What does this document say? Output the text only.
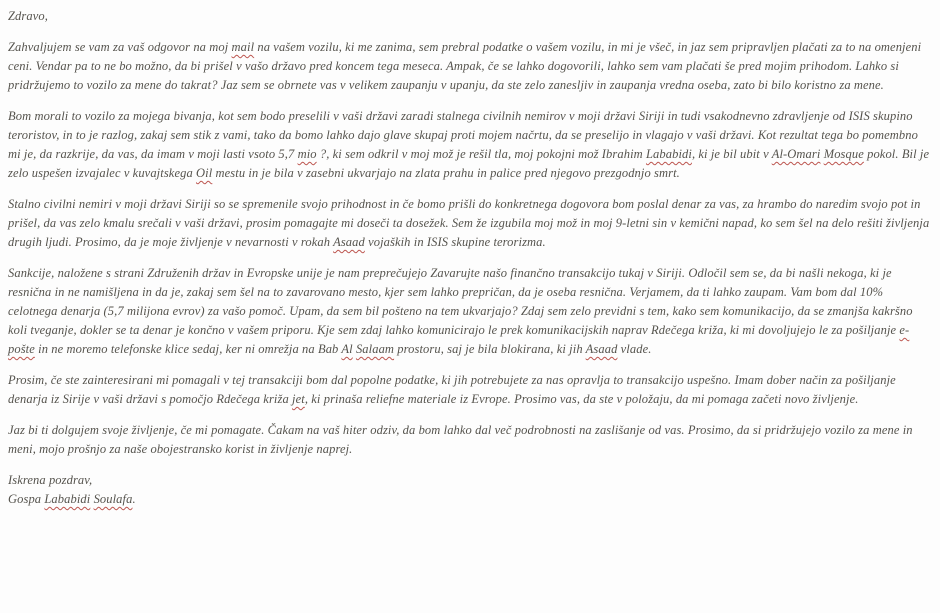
Zdravo,

Zahvaljujem se vam za vaš odgovor na moj mail na vašem vozilu, ki me zanima, sem prebral podatke o vašem vozilu, in mi je všeč, in jaz sem pripravljen plačati za to na omenjeni ceni. Vendar pa to ne bo možno, da bi prišel v vašo državo pred koncem tega meseca. Ampak, če se lahko dogovorili, lahko sem vam plačati še pred mojim prihodom. Lahko si pridržujemo to vozilo za mene do takrat? Jaz sem se obrnete vas v velikem zaupanju v upanju, da ste zelo zanesljiv in zaupanja vredna oseba, zato bi bilo koristno za mene.

Bom morali to vozilo za mojega bivanja, kot sem bodo preselili v vaši državi zaradi stalnega civilnih nemirov v moji državi Siriji in tudi vsakodnevno zdravljenje od ISIS skupino teroristov, in to je razlog, zakaj sem stik z vami, tako da bomo lahko dajo glave skupaj proti mojem načrtu, da se preselijo in vlagajo v vaši državi. Kot rezultat tega bo pomembno mi je, da razkrije, da vas, da imam v moji lasti vsoto 5,7 mio ?, ki sem odkril v moj mož je rešil tla, moj pokojni mož Ibrahim Lababidi, ki je bil ubit v Al-Omari Mosque pokol. Bil je zelo uspešen izvajalec v kuvajtskega Oil mestu in je bila v zasebni ukvarjajo na zlata prahu in palice pred njegovo prezgodnjo smrt.

Stalno civilni nemiri v moji državi Siriji so se spremenile svojo prihodnost in če bomo prišli do konkretnega dogovora bom poslal denar za vas, za hrambo do naredim svojo pot in prišel, da vas zelo kmalu srečali v vaši državi, prosim pomagajte mi doseči ta dosežek. Sem že izgubila moj mož in moj 9-letni sin v kemični napad, ko sem šel na delo rešiti življenja drugih ljudi. Prosimo, da je moje življenje v nevarnosti v rokah Asaad vojaških in ISIS skupine terorizma.

Sankcije, naložene s strani Združenih držav in Evropske unije je nam preprečujejo Zavarujte našo finančno transakcijo tukaj v Siriji. Odločil sem se, da bi našli nekoga, ki je resnična in ne namišljena in da je, zakaj sem šel na to zavarovano mesto, kjer sem lahko prepričan, da je oseba resnična. Verjamem, da ti lahko zaupam. Vam bom dal 10% celotnega denarja (5,7 milijona evrov) za vašo pomoč. Upam, da sem bil pošteno na tem ukvarjajo? Zdaj sem zelo previdni s tem, kako sem komunikacijo, da se zmanjša kakršno koli tveganje, dokler se ta denar je končno v vašem priporu. Kje sem zdaj lahko komunicirajo le prek komunikacijskih naprav Rdečega križa, ki mi dovoljujejo le za pošiljanje e-pošte in ne moremo telefonske klice sedaj, ker ni omrežja na Bab Al Salaam prostoru, saj je bila blokirana, ki jih Asaad vlade.

Prosim, če ste zainteresirani mi pomagali v tej transakciji bom dal popolne podatke, ki jih potrebujete za nas opravlja to transakcijo uspešno. Imam dober način za pošiljanje denarja iz Sirije v vaši državi s pomočjo Rdečega križa jet, ki prinaša reliefne materiale iz Evrope. Prosimo vas, da ste v položaju, da mi pomaga začeti novo življenje.

Jaz bi ti dolgujem svoje življenje, če mi pomagate. Čakam na vaš hiter odziv, da bom lahko dal več podrobnosti na zaslišanje od vas. Prosimo, da si pridržujejo vozilo za mene in meni, mojo prošnjo za naše obojestransko korist in življenje naprej.

Iskrena pozdrav,
Gospa Lababidi Soulafa.
